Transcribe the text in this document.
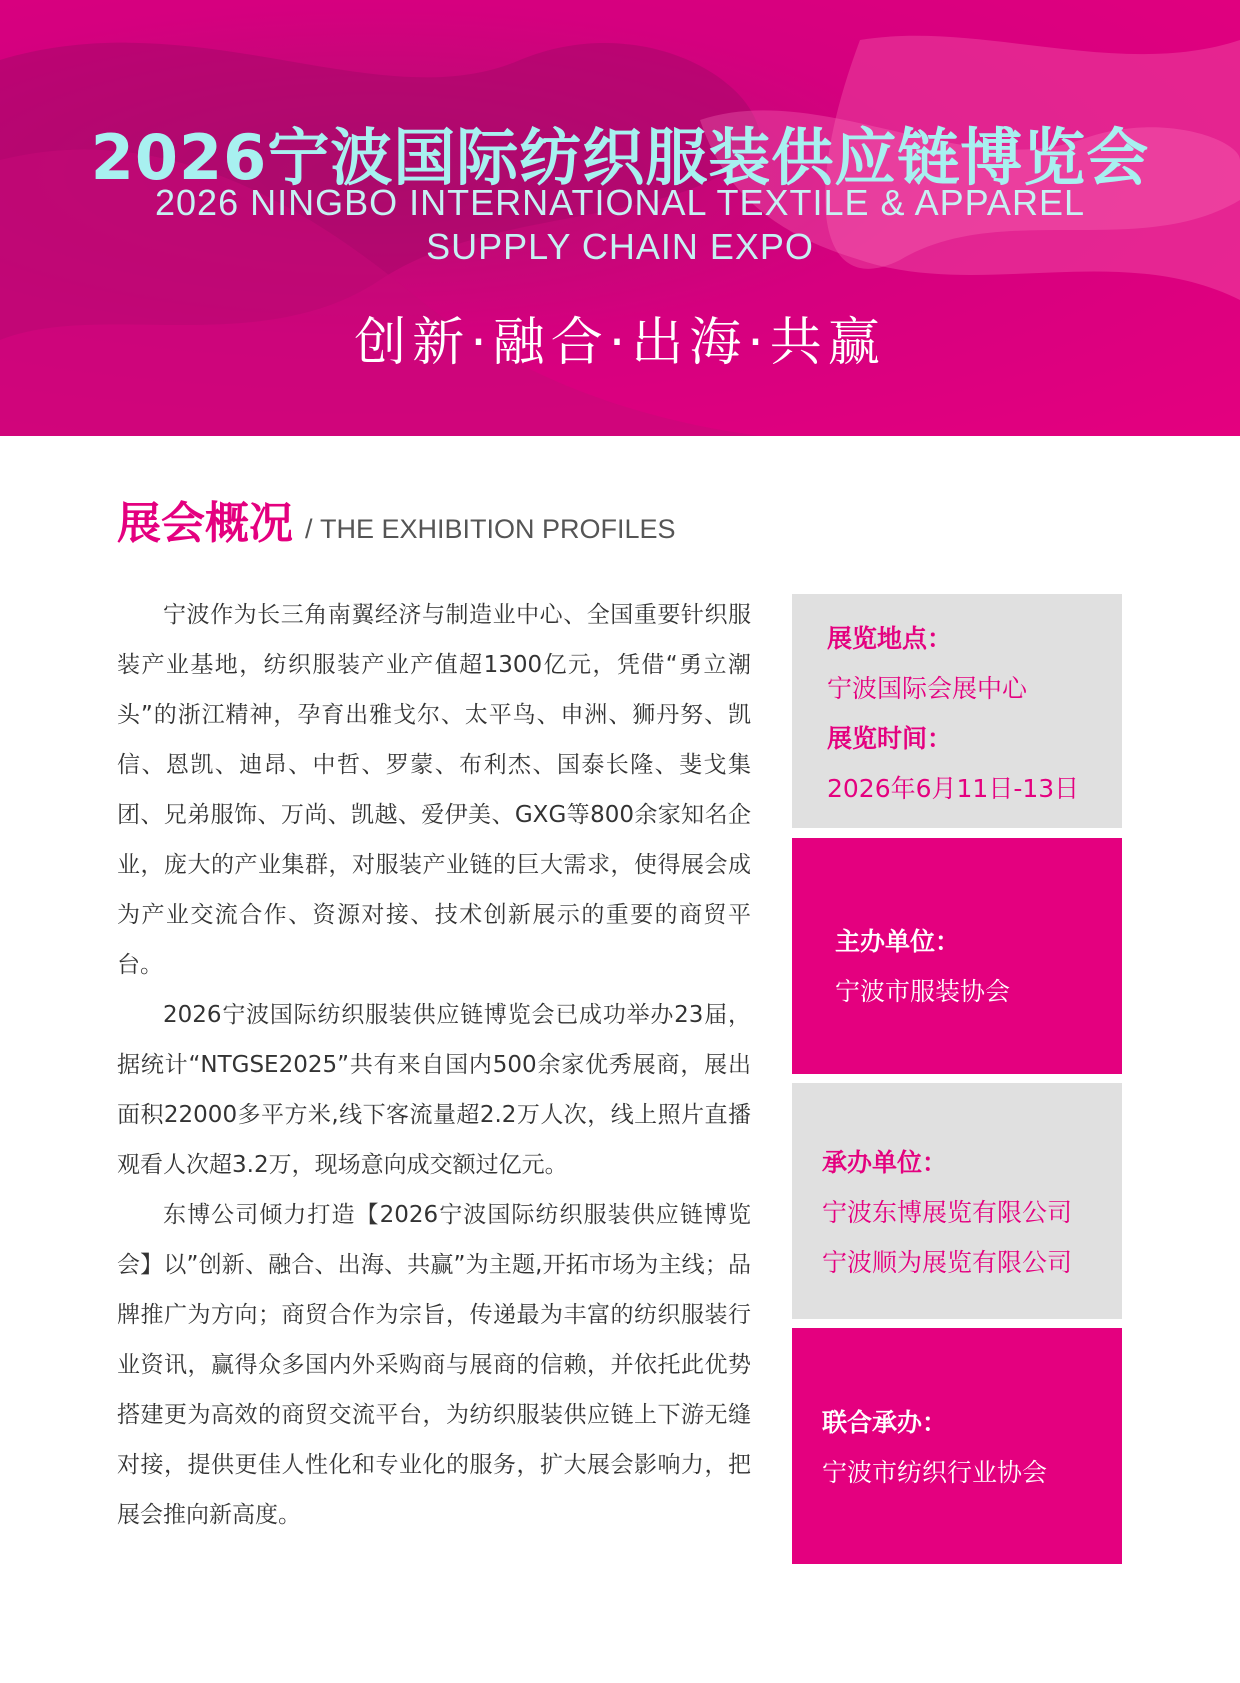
2026宁波国际纺织服装供应链博览会
2026 NINGBO INTERNATIONAL TEXTILE & APPAREL
SUPPLY CHAIN EXPO
创新·融合·出海·共赢
展会概况 / THE EXHIBITION PROFILES

宁波作为长三角南翼经济与制造业中心、全国重要针织服装产业基地，纺织服装产业产值超1300亿元，凭借“勇立潮头”的浙江精神，孕育出雅戈尔、太平鸟、申洲、狮丹努、凯信、恩凯、迪昂、中哲、罗蒙、布利杰、国泰长隆、斐戈集团、兄弟服饰、万尚、凯越、爱伊美、GXG等800余家知名企业，庞大的产业集群，对服装产业链的巨大需求，使得展会成为产业交流合作、资源对接、技术创新展示的重要的商贸平台。

2026宁波国际纺织服装供应链博览会已成功举办23届，据统计“NTGSE2025”共有来自国内500余家优秀展商，展出面积22000多平方米,线下客流量超2.2万人次，线上照片直播观看人次超3.2万，现场意向成交额过亿元。

东博公司倾力打造【2026宁波国际纺织服装供应链博览会】以”创新、融合、出海、共赢”为主题,开拓市场为主线；品牌推广为方向；商贸合作为宗旨，传递最为丰富的纺织服装行业资讯，赢得众多国内外采购商与展商的信赖，并依托此优势搭建更为高效的商贸交流平台，为纺织服装供应链上下游无缝对接，提供更佳人性化和专业化的服务，扩大展会影响力，把展会推向新高度。

展览地点：
宁波国际会展中心
展览时间：
2026年6月11日-13日
主办单位：
宁波市服装协会
承办单位：
宁波东博展览有限公司
宁波顺为展览有限公司
联合承办：
宁波市纺织行业协会
